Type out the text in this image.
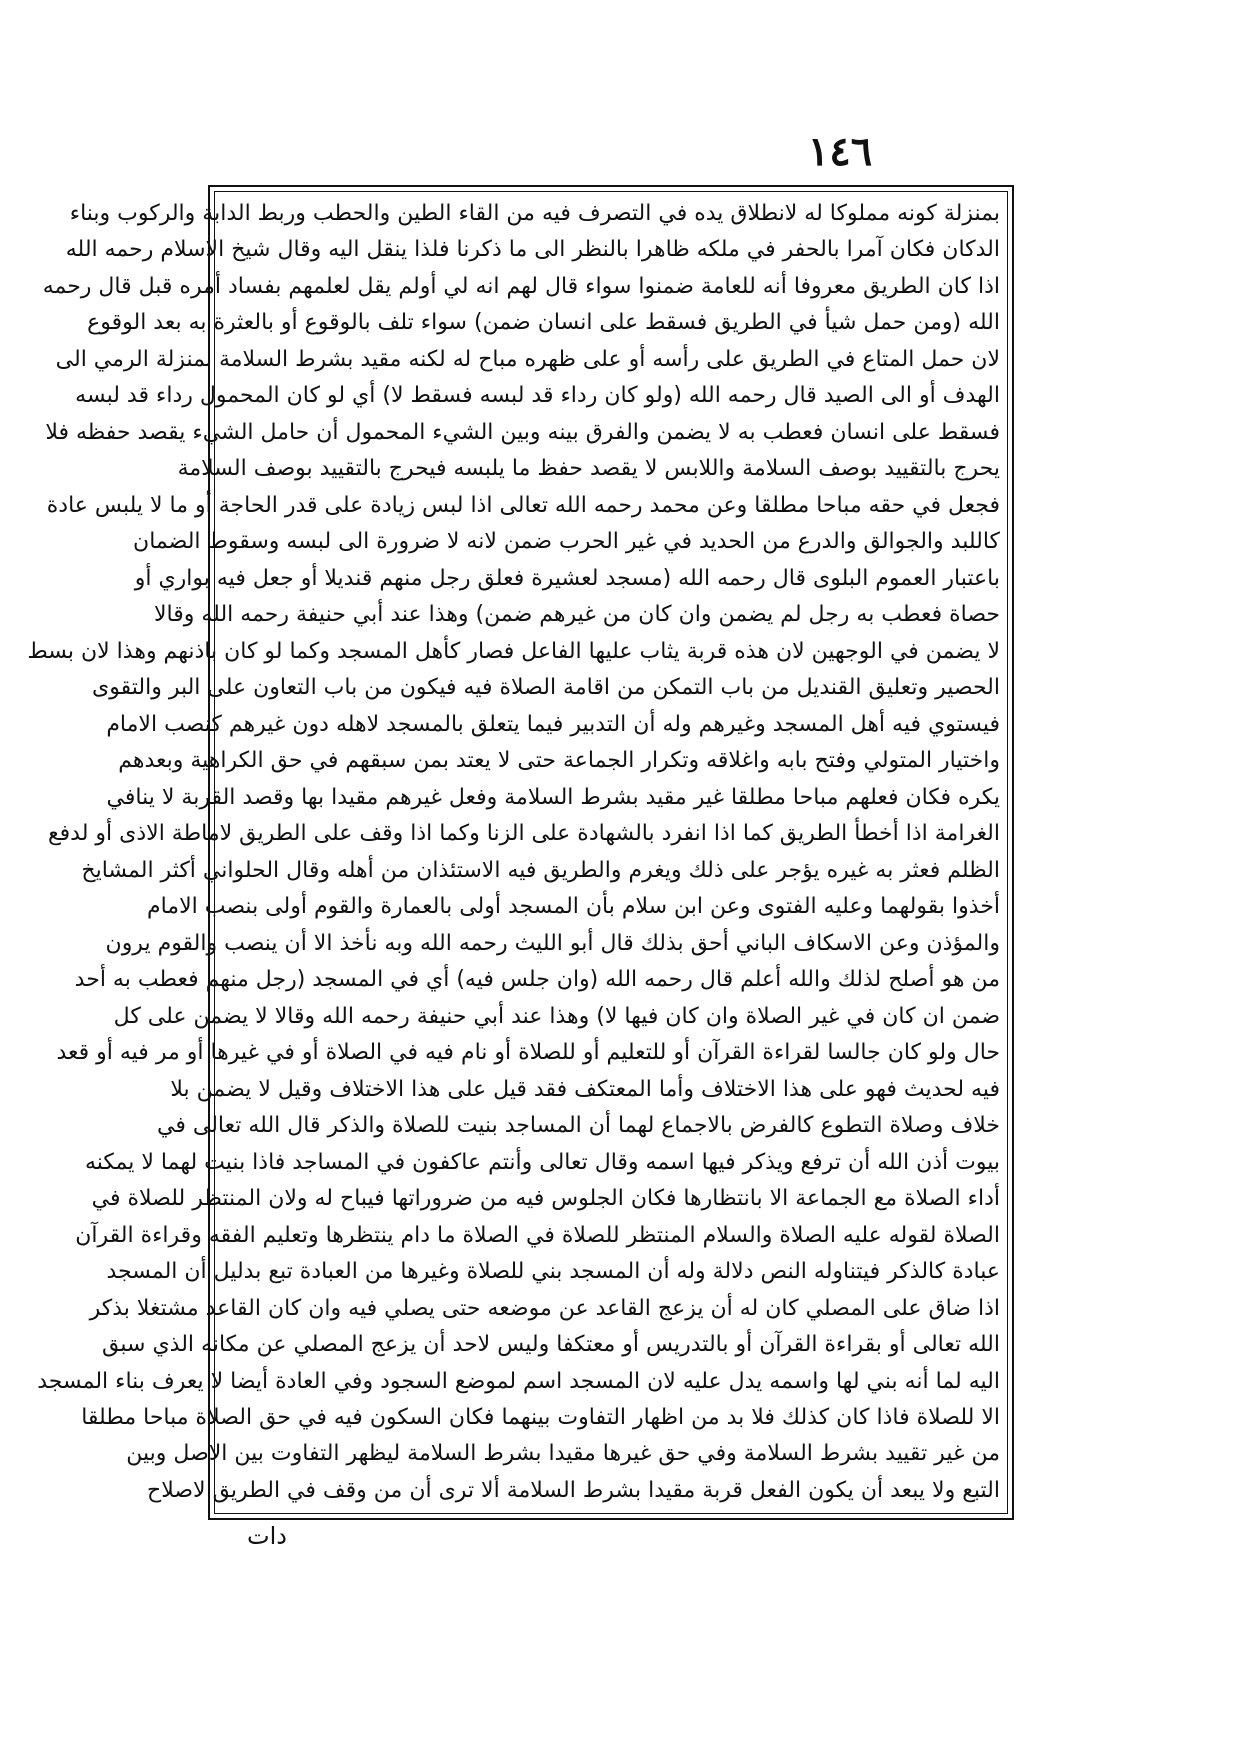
١٤٦
بمنزلة كونه مملوكا له لانطلاق يده في التصرف فيه من القاء الطين والحطب وربط الدابة والركوب وبناء
الدكان فكان آمرا بالحفر في ملكه ظاهرا بالنظر الى ما ذكرنا فلذا ينقل اليه وقال شيخ الاسلام رحمه الله
اذا كان الطريق معروفا أنه للعامة ضمنوا سواء قال لهم انه لي أولم يقل لعلمهم بفساد أمره قبل قال رحمه
الله (ومن حمل شيأ في الطريق فسقط على انسان ضمن) سواء تلف بالوقوع أو بالعثرة به بعد الوقوع
لان حمل المتاع في الطريق على رأسه أو على ظهره مباح له لكنه مقيد بشرط السلامة بمنزلة الرمي الى
الهدف أو الى الصيد قال رحمه الله (ولو كان رداء قد لبسه فسقط لا) أي لو كان المحمول رداء قد لبسه
فسقط على انسان فعطب به لا يضمن والفرق بينه وبين الشيء المحمول أن حامل الشيء يقصد حفظه فلا
يحرج بالتقييد بوصف السلامة واللابس لا يقصد حفظ ما يلبسه فيحرج بالتقييد بوصف السلامة
فجعل في حقه مباحا مطلقا وعن محمد رحمه الله تعالى اذا لبس زيادة على قدر الحاجة أو ما لا يلبس عادة
كاللبد والجوالق والدرع من الحديد في غير الحرب ضمن لانه لا ضرورة الى لبسه وسقوط الضمان
باعتبار العموم البلوى قال رحمه الله (مسجد لعشيرة فعلق رجل منهم قنديلا أو جعل فيه بواري أو
حصاة فعطب به رجل لم يضمن وان كان من غيرهم ضمن) وهذا عند أبي حنيفة رحمه الله وقالا
لا يضمن في الوجهين لان هذه قربة يثاب عليها الفاعل فصار كأهل المسجد وكما لو كان باذنهم وهذا لان بسط
الحصير وتعليق القنديل من باب التمكن من اقامة الصلاة فيه فيكون من باب التعاون على البر والتقوى
فيستوي فيه أهل المسجد وغيرهم وله أن التدبير فيما يتعلق بالمسجد لاهله دون غيرهم كنصب الامام
واختيار المتولي وفتح بابه واغلاقه وتكرار الجماعة حتى لا يعتد بمن سبقهم في حق الكراهية وبعدهم
يكره فكان فعلهم مباحا مطلقا غير مقيد بشرط السلامة وفعل غيرهم مقيدا بها وقصد القربة لا ينافي
الغرامة اذا أخطأ الطريق كما اذا انفرد بالشهادة على الزنا وكما اذا وقف على الطريق لاماطة الاذى أو لدفع
الظلم فعثر به غيره يؤجر على ذلك ويغرم والطريق فيه الاستئذان من أهله وقال الحلواني أكثر المشايخ
أخذوا بقولهما وعليه الفتوى وعن ابن سلام بأن المسجد أولى بالعمارة والقوم أولى بنصب الامام
والمؤذن وعن الاسكاف الباني أحق بذلك قال أبو الليث رحمه الله وبه نأخذ الا أن ينصب والقوم يرون
من هو أصلح لذلك والله أعلم قال رحمه الله (وان جلس فيه) أي في المسجد (رجل منهم فعطب به أحد
ضمن ان كان في غير الصلاة وان كان فيها لا) وهذا عند أبي حنيفة رحمه الله وقالا لا يضمن على كل
حال ولو كان جالسا لقراءة القرآن أو للتعليم أو للصلاة أو نام فيه في الصلاة أو في غيرها أو مر فيه أو قعد
فيه لحديث فهو على هذا الاختلاف وأما المعتكف فقد قيل على هذا الاختلاف وقيل لا يضمن بلا
خلاف وصلاة التطوع كالفرض بالاجماع لهما أن المساجد بنيت للصلاة والذكر قال الله تعالى في
بيوت أذن الله أن ترفع ويذكر فيها اسمه وقال تعالى وأنتم عاكفون في المساجد فاذا بنيت لهما لا يمكنه
أداء الصلاة مع الجماعة الا بانتظارها فكان الجلوس فيه من ضروراتها فيباح له ولان المنتظر للصلاة في
الصلاة لقوله عليه الصلاة والسلام المنتظر للصلاة في الصلاة ما دام ينتظرها وتعليم الفقه وقراءة القرآن
عبادة كالذكر فيتناوله النص دلالة وله أن المسجد بني للصلاة وغيرها من العبادة تبع بدليل أن المسجد
اذا ضاق على المصلي كان له أن يزعج القاعد عن موضعه حتى يصلي فيه وان كان القاعد مشتغلا بذكر
الله تعالى أو بقراءة القرآن أو بالتدريس أو معتكفا وليس لاحد أن يزعج المصلي عن مكانه الذي سبق
اليه لما أنه بني لها واسمه يدل عليه لان المسجد اسم لموضع السجود وفي العادة أيضا لا يعرف بناء المسجد
الا للصلاة فاذا كان كذلك فلا بد من اظهار التفاوت بينهما فكان السكون فيه في حق الصلاة مباحا مطلقا
من غير تقييد بشرط السلامة وفي حق غيرها مقيدا بشرط السلامة ليظهر التفاوت بين الاصل وبين
التبع ولا يبعد أن يكون الفعل قربة مقيدا بشرط السلامة ألا ترى أن من وقف في الطريق لاصلاح
دات
